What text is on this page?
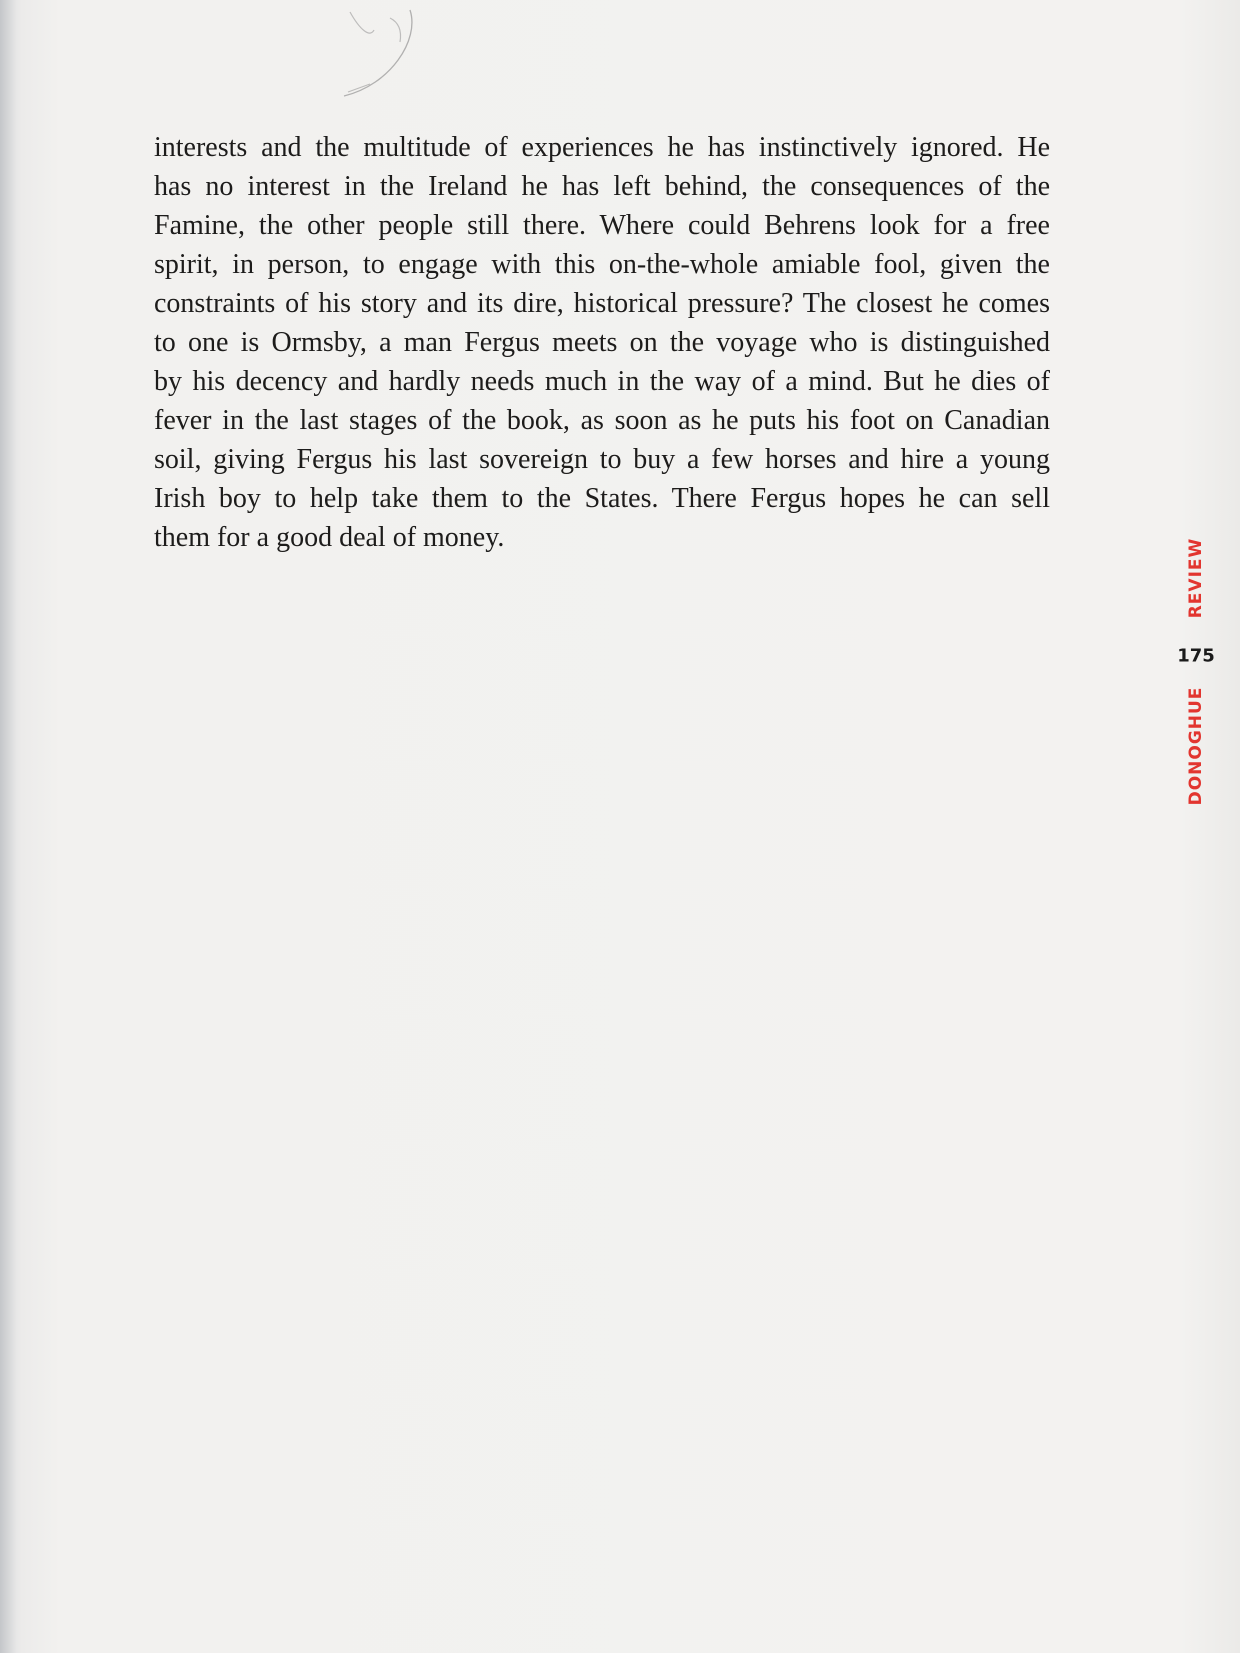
interests and the multitude of experiences he has instinctively ignored. He
has no interest in the Ireland he has left behind, the consequences of the
Famine, the other people still there. Where could Behrens look for a free
spirit, in person, to engage with this on-the-whole amiable fool, given the
constraints of his story and its dire, historical pressure? The closest he comes
to one is Ormsby, a man Fergus meets on the voyage who is distinguished
by his decency and hardly needs much in the way of a mind. But he dies of
fever in the last stages of the book, as soon as he puts his foot on Canadian
soil, giving Fergus his last sovereign to buy a few horses and hire a young
Irish boy to help take them to the States. There Fergus hopes he can sell
them for a good deal of money.
REVIEW
175
DONOGHUE
